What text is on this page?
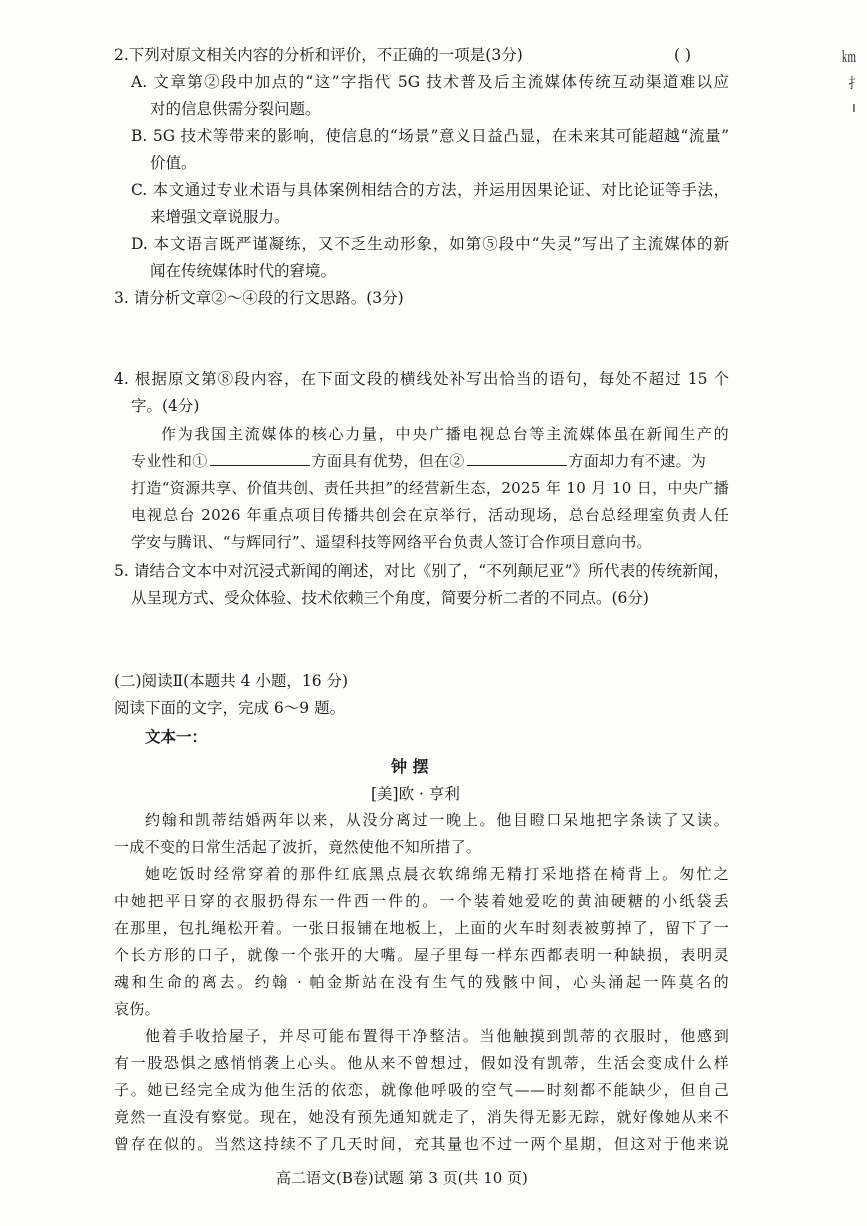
㎞
扌
ı
2.下列对原文相关内容的分析和评价，不正确的一项是(3分)	( )
A. 文章第②段中加点的“这”字指代 5G 技术普及后主流媒体传统互动渠道难以应
对的信息供需分裂问题。
B. 5G 技术等带来的影响，使信息的“场景”意义日益凸显，在未来其可能超越“流量”
价值。
C. 本文通过专业术语与具体案例相结合的方法，并运用因果论证、对比论证等手法，
来增强文章说服力。
D. 本文语言既严谨凝练，又不乏生动形象，如第⑤段中“失灵”写出了主流媒体的新
闻在传统媒体时代的窘境。
3. 请分析文章②～④段的行文思路。(3分)
4. 根据原文第⑧段内容，在下面文段的横线处补写出恰当的语句，每处不超过 15 个
字。(4分)
作为我国主流媒体的核心力量，中央广播电视总台等主流媒体虽在新闻生产的
专业性和①	方面具有优势，但在②	方面却力有不逮。为
打造“资源共享、价值共创、责任共担”的经营新生态，2025 年 10 月 10 日，中央广播
电视总台 2026 年重点项目传播共创会在京举行，活动现场，总台总经理室负责人任
学安与腾讯、“与辉同行”、遥望科技等网络平台负责人签订合作项目意向书。
5. 请结合文本中对沉浸式新闻的阐述，对比《别了，“不列颠尼亚”》所代表的传统新闻，
从呈现方式、受众体验、技术依赖三个角度，简要分析二者的不同点。(6分)
(二)阅读Ⅱ(本题共 4 小题，16 分)
阅读下面的文字，完成 6～9 题。
文本一：
钟 摆
[美]欧 · 亨利
约翰和凯蒂结婚两年以来，从没分离过一晚上。他目瞪口呆地把字条读了又读。
一成不变的日常生活起了波折，竟然使他不知所措了。
她吃饭时经常穿着的那件红底黑点晨衣软绵绵无精打采地搭在椅背上。匆忙之
中她把平日穿的衣服扔得东一件西一件的。一个装着她爱吃的黄油硬糖的小纸袋丢
在那里，包扎绳松开着。一张日报铺在地板上，上面的火车时刻表被剪掉了，留下了一
个长方形的口子，就像一个张开的大嘴。屋子里每一样东西都表明一种缺损，表明灵
魂和生命的离去。约翰 · 帕金斯站在没有生气的残骸中间，心头涌起一阵莫名的
哀伤。
他着手收拾屋子，并尽可能布置得干净整洁。当他触摸到凯蒂的衣服时，他感到
有一股恐惧之感悄悄袭上心头。他从来不曾想过，假如没有凯蒂，生活会变成什么样
子。她已经完全成为他生活的依恋，就像他呼吸的空气——时刻都不能缺少，但自己
竟然一直没有察觉。现在，她没有预先通知就走了，消失得无影无踪，就好像她从来不
曾存在似的。当然这持续不了几天时间，充其量也不过一两个星期，但这对于他来说
高二语文(B卷)试题 第 3 页(共 10 页)
